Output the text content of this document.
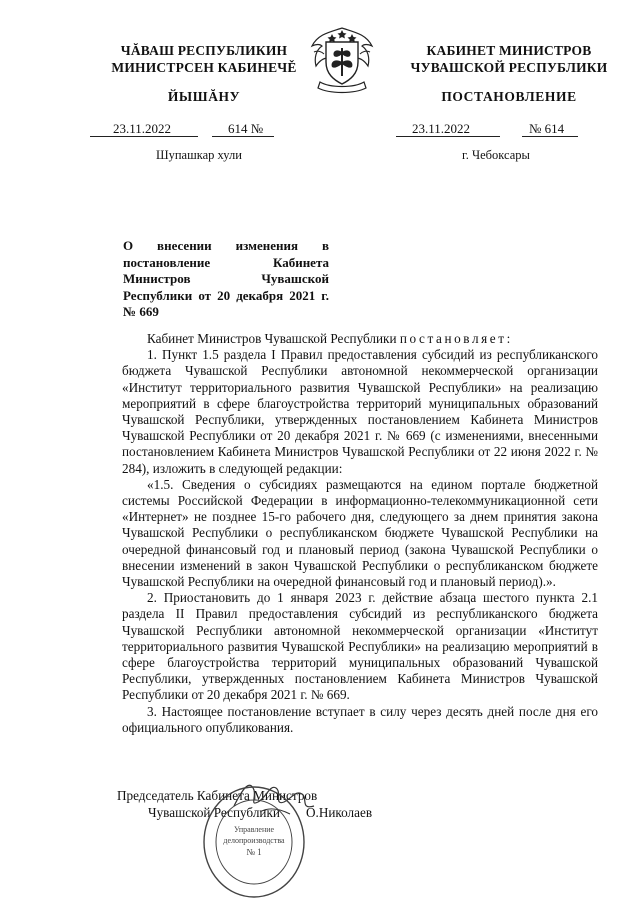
ЧĂВАШ РЕСПУБЛИКИН
МИНИСТРСЕН КАБИНЕЧĚ
ЙЫШĂНУ
КАБИНЕТ МИНИСТРОВ
ЧУВАШСКОЙ РЕСПУБЛИКИ
ПОСТАНОВЛЕНИЕ
23.11.2022	614 №	23.11.2022	№ 614
Шупашкар хули	г. Чебоксары
О внесении изменения в постановление Кабинета Министров Чувашской Республики от 20 декабря 2021 г. № 669

Кабинет Министров Чувашской Республики постановляет:

1. Пункт 1.5 раздела I Правил предоставления субсидий из республиканского бюджета Чувашской Республики автономной некоммерческой организации «Институт территориального развития Чувашской Республики» на реализацию мероприятий в сфере благоустройства территорий муниципальных образований Чувашской Республики, утвержденных постановлением Кабинета Министров Чувашской Республики от 20 декабря 2021 г. № 669 (с изменениями, внесенными постановлением Кабинета Министров Чувашской Республики от 22 июня 2022 г. № 284), изложить в следующей редакции:

«1.5. Сведения о субсидиях размещаются на едином портале бюджетной системы Российской Федерации в информационно-телекоммуникационной сети «Интернет» не позднее 15-го рабочего дня, следующего за днем принятия закона Чувашской Республики о республиканском бюджете Чувашской Республики на очередной финансовый год и плановый период (закона Чувашской Республики о внесении изменений в закон Чувашской Республики о республиканском бюджете Чувашской Республики на очередной финансовый год и плановый период).».

2. Приостановить до 1 января 2023 г. действие абзаца шестого пункта 2.1 раздела II Правил предоставления субсидий из республиканского бюджета Чувашской Республики автономной некоммерческой организации «Институт территориального развития Чувашской Республики» на реализацию мероприятий в сфере благоустройства территорий муниципальных образований Чувашской Республики, утвержденных постановлением Кабинета Министров Чувашской Республики от 20 декабря 2021 г. № 669.

3. Настоящее постановление вступает в силу через десять дней после дня его официального опубликования.

Председатель Кабинета Министров
Чувашской Республики О.Николаев
Управление
делопроизводства
№ 1
